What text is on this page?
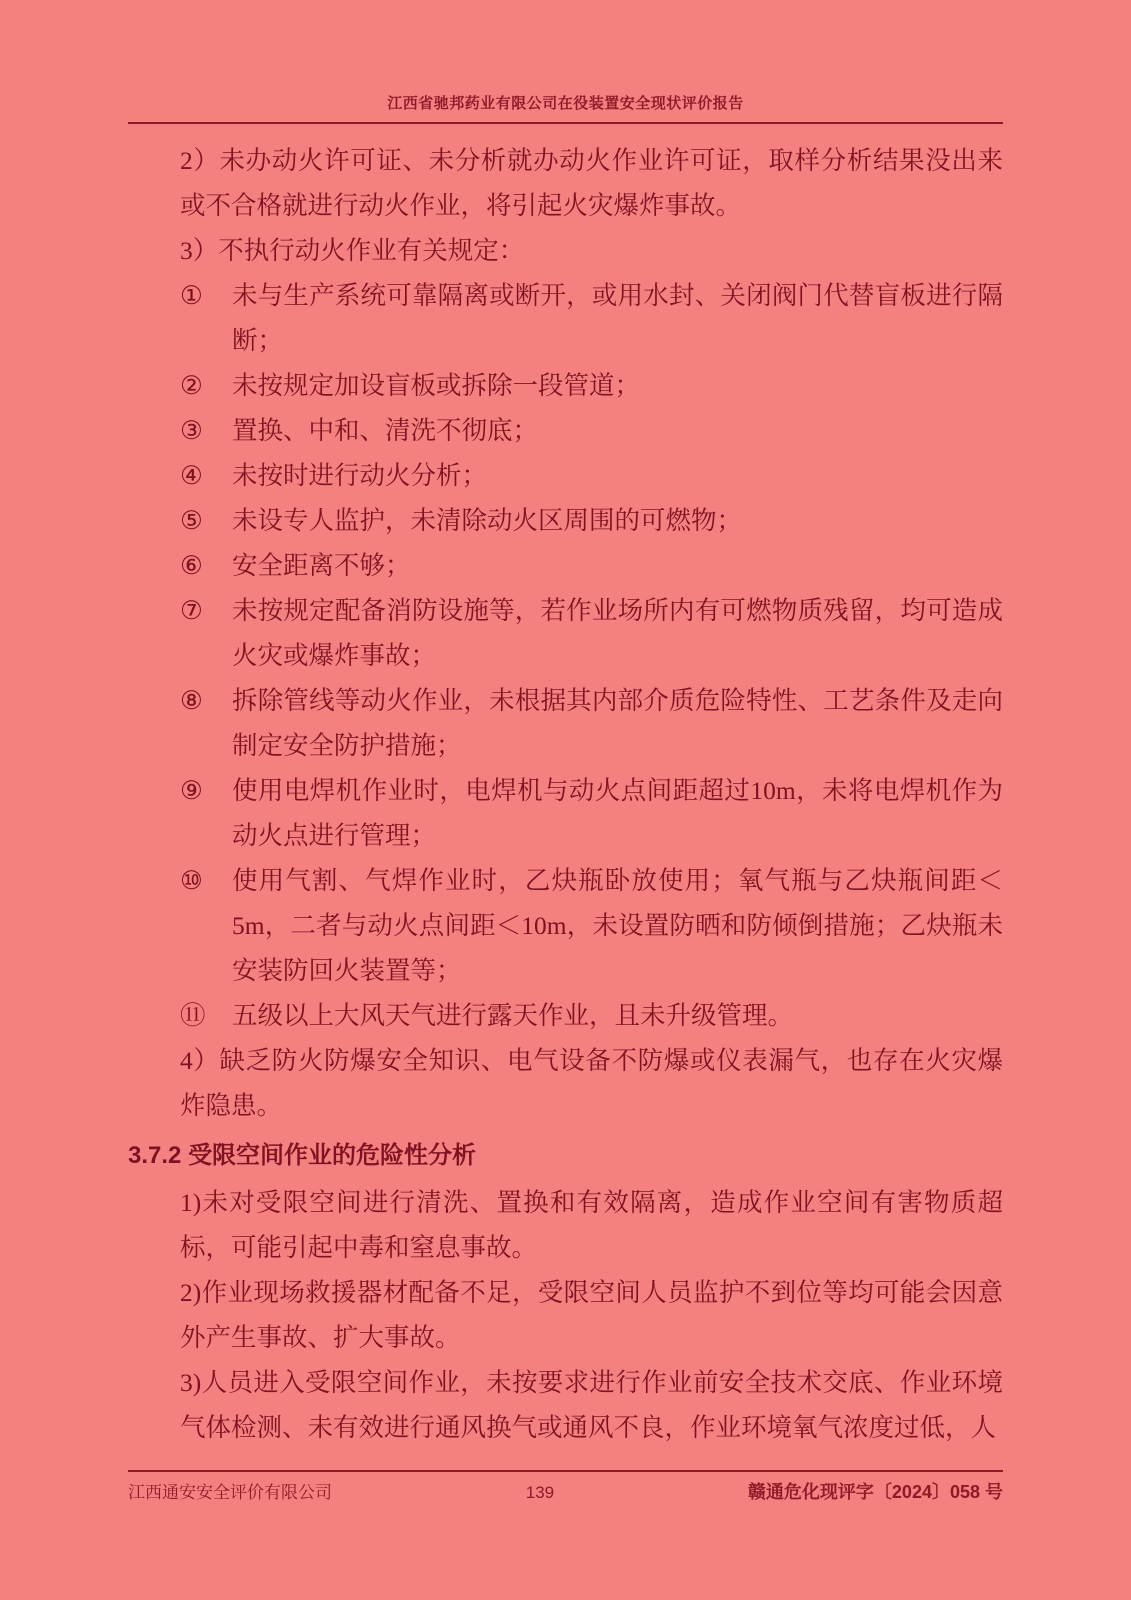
江西省驰邦药业有限公司在役装置安全现状评价报告

2）未办动火许可证、未分析就办动火作业许可证，取样分析结果没出来或不合格就进行动火作业，将引起火灾爆炸事故。

3）不执行动火作业有关规定：

①	未与生产系统可靠隔离或断开，或用水封、关闭阀门代替盲板进行隔断；
②	未按规定加设盲板或拆除一段管道；
③	置换、中和、清洗不彻底；
④	未按时进行动火分析；
⑤	未设专人监护，未清除动火区周围的可燃物；
⑥	安全距离不够；
⑦	未按规定配备消防设施等，若作业场所内有可燃物质残留，均可造成火灾或爆炸事故；
⑧	拆除管线等动火作业，未根据其内部介质危险特性、工艺条件及走向制定安全防护措施；
⑨	使用电焊机作业时，电焊机与动火点间距超过10m，未将电焊机作为动火点进行管理；
⑩	使用气割、气焊作业时，乙炔瓶卧放使用；氧气瓶与乙炔瓶间距＜5m，二者与动火点间距＜10m，未设置防晒和防倾倒措施；乙炔瓶未安装防回火装置等；
⑪	五级以上大风天气进行露天作业，且未升级管理。

4）缺乏防火防爆安全知识、电气设备不防爆或仪表漏气，也存在火灾爆炸隐患。

3.7.2 受限空间作业的危险性分析

1)未对受限空间进行清洗、置换和有效隔离，造成作业空间有害物质超标，可能引起中毒和窒息事故。

2)作业现场救援器材配备不足，受限空间人员监护不到位等均可能会因意外产生事故、扩大事故。

3)人员进入受限空间作业，未按要求进行作业前安全技术交底、作业环境气体检测、未有效进行通风换气或通风不良，作业环境氧气浓度过低，人

江西通安安全评价有限公司	139	赣通危化现评字〔2024〕058 号
